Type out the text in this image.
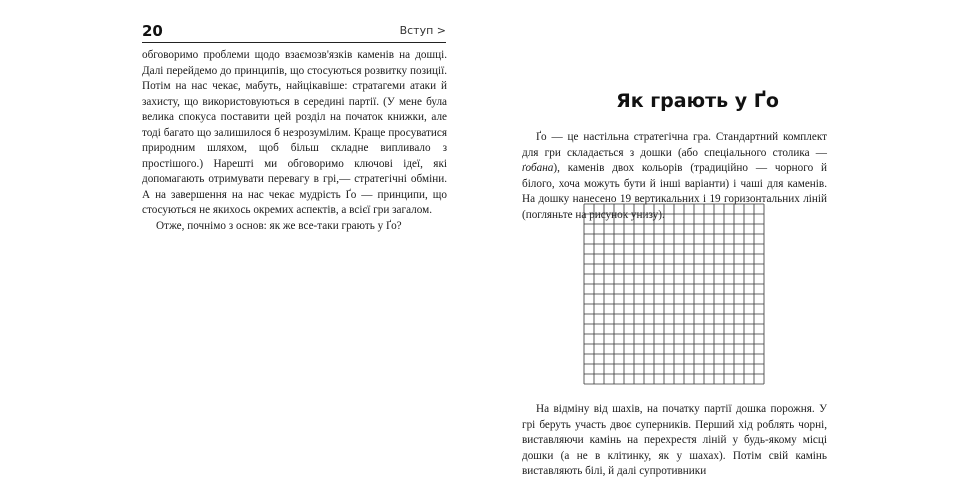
20	Вступ >

обговоримо проблеми щодо взаємозв'язків каменів на дошці. Далі перейдемо до принципів, що стосуються розвитку позиції. Потім на нас чекає, мабуть, найцікавіше: стратагеми атаки й захисту, що використовуються в середині партії. (У мене була велика спокуса поставити цей розділ на початок книжки, але тоді багато що залишилося б незрозумілим. Краще просуватися природним шляхом, щоб більш складне випливало з простішого.) Нарешті ми обговоримо ключові ідеї, які допомагають отримувати перевагу в грі,— стратегічні обміни. А на завершення на нас чекає мудрість Ґо — принципи, що стосуються не якихось окремих аспектів, а всієї гри загалом.

Отже, почнімо з основ: як же все-таки грають у Ґо?

Як грають у Ґо

Ґо — це настільна стратегічна гра. Стандартний комплект для гри складається з дошки (або спеціального столика — ґобана), каменів двох кольорів (традиційно — чорного й білого, хоча можуть бути й інші варіанти) і чаші для каменів. На дошку нанесено 19 вертикальних і 19 горизонтальних ліній (погляньте на рисунок унизу).

На відміну від шахів, на початку партії дошка порожня. У грі беруть участь двоє суперників. Перший хід роблять чорні, виставляючи камінь на перехрестя ліній у будь-якому місці дошки (а не в клітинку, як у шахах). Потім свій камінь виставляють білі, й далі супротивники
